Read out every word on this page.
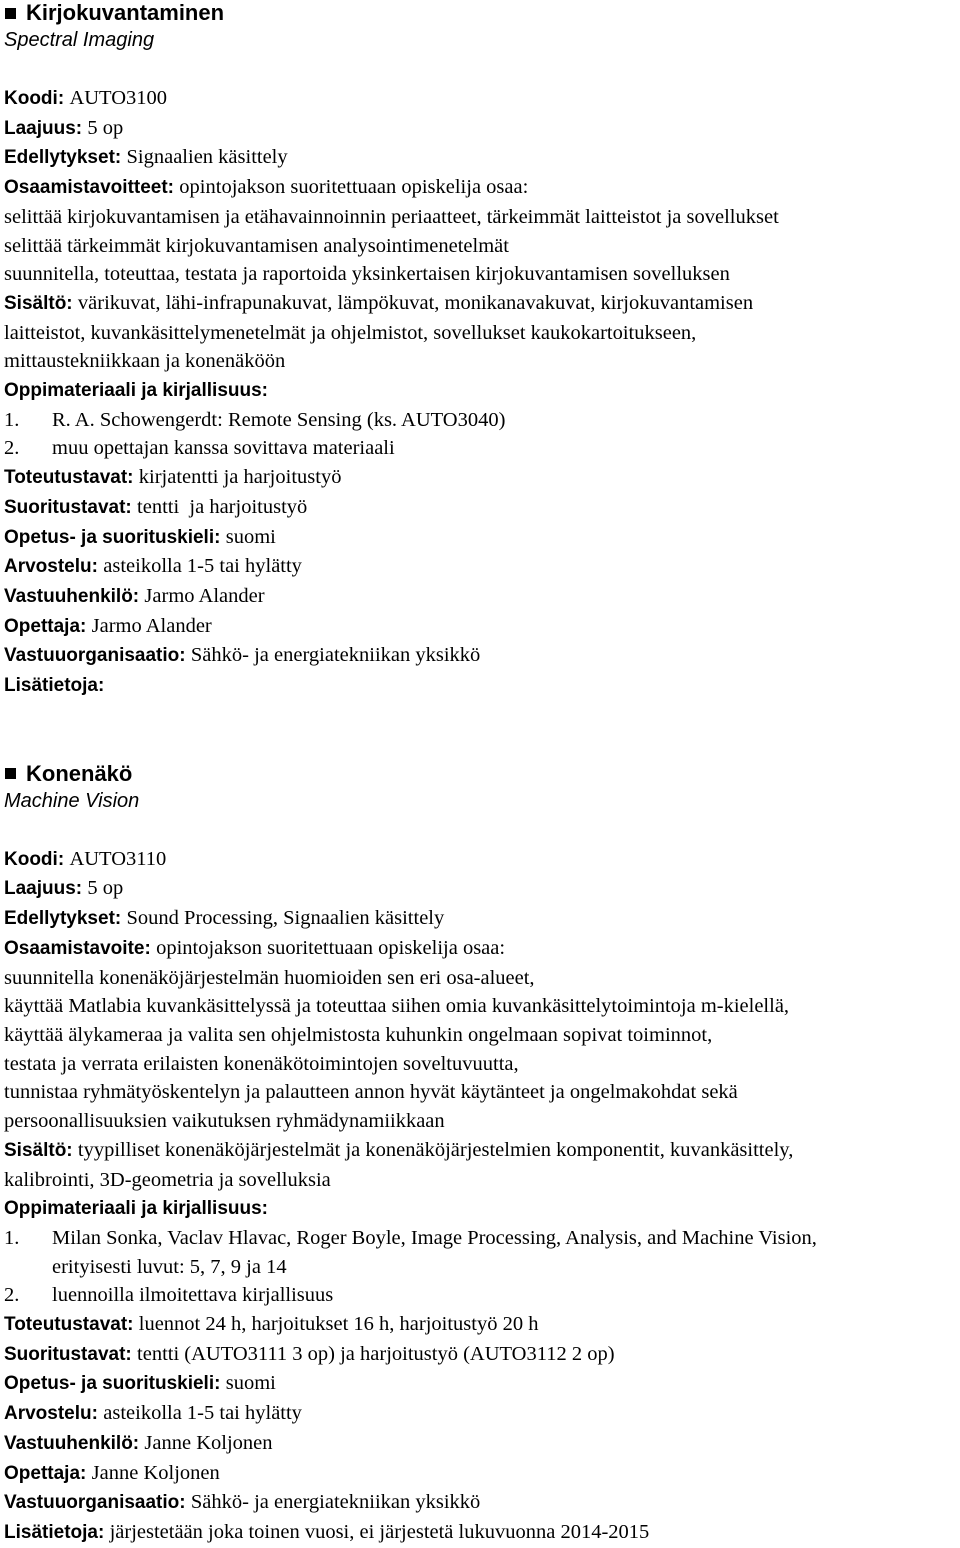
Kirjokuvantaminen
Spectral Imaging
Koodi: AUTO3100
Laajuus: 5 op
Edellytykset: Signaalien käsittely
Osaamistavoitteet: opintojakson suoritettuaan opiskelija osaa:
selittää kirjokuvantamisen ja etähavainnoinnin periaatteet, tärkeimmät laitteistot ja sovellukset
selittää tärkeimmät kirjokuvantamisen analysointimenetelmät
suunnitella, toteuttaa, testata ja raportoida yksinkertaisen kirjokuvantamisen sovelluksen
Sisältö: värikuvat, lähi-infrapunakuvat, lämpökuvat, monikanavakuvat, kirjokuvantamisen
laitteistot, kuvankäsittelymenetelmät ja ohjelmistot, sovellukset kaukokartoitukseen,
mittaustekniikkaan ja konenäköön
Oppimateriaali ja kirjallisuus:
1.	R. A. Schowengerdt: Remote Sensing (ks. AUTO3040)
2.	muu opettajan kanssa sovittava materiaali
Toteutustavat: kirjatentti ja harjoitustyö
Suoritustavat: tentti  ja harjoitustyö
Opetus- ja suorituskieli: suomi
Arvostelu: asteikolla 1-5 tai hylätty
Vastuuhenkilö: Jarmo Alander
Opettaja: Jarmo Alander
Vastuuorganisaatio: Sähkö- ja energiatekniikan yksikkö
Lisätietoja:
Konenäkö
Machine Vision
Koodi: AUTO3110
Laajuus: 5 op
Edellytykset: Sound Processing, Signaalien käsittely
Osaamistavoite: opintojakson suoritettuaan opiskelija osaa:
suunnitella konenäköjärjestelmän huomioiden sen eri osa-alueet,
käyttää Matlabia kuvankäsittelyssä ja toteuttaa siihen omia kuvankäsittelytoimintoja m-kielellä,
käyttää älykameraa ja valita sen ohjelmistosta kuhunkin ongelmaan sopivat toiminnot,
testata ja verrata erilaisten konenäkötoimintojen soveltuvuutta,
tunnistaa ryhmätyöskentelyn ja palautteen annon hyvät käytänteet ja ongelmakohdat sekä
persoonallisuuksien vaikutuksen ryhmädynamiikkaan
Sisältö: tyypilliset konenäköjärjestelmät ja konenäköjärjestelmien komponentit, kuvankäsittely,
kalibrointi, 3D-geometria ja sovelluksia
Oppimateriaali ja kirjallisuus:
1.	Milan Sonka, Vaclav Hlavac, Roger Boyle, Image Processing, Analysis, and Machine Vision,
erityisesti luvut: 5, 7, 9 ja 14
2.	luennoilla ilmoitettava kirjallisuus
Toteutustavat: luennot 24 h, harjoitukset 16 h, harjoitustyö 20 h
Suoritustavat: tentti (AUTO3111 3 op) ja harjoitustyö (AUTO3112 2 op)
Opetus- ja suorituskieli: suomi
Arvostelu: asteikolla 1-5 tai hylätty
Vastuuhenkilö: Janne Koljonen
Opettaja: Janne Koljonen
Vastuuorganisaatio: Sähkö- ja energiatekniikan yksikkö
Lisätietoja: järjestetään joka toinen vuosi, ei järjestetä lukuvuonna 2014-2015
